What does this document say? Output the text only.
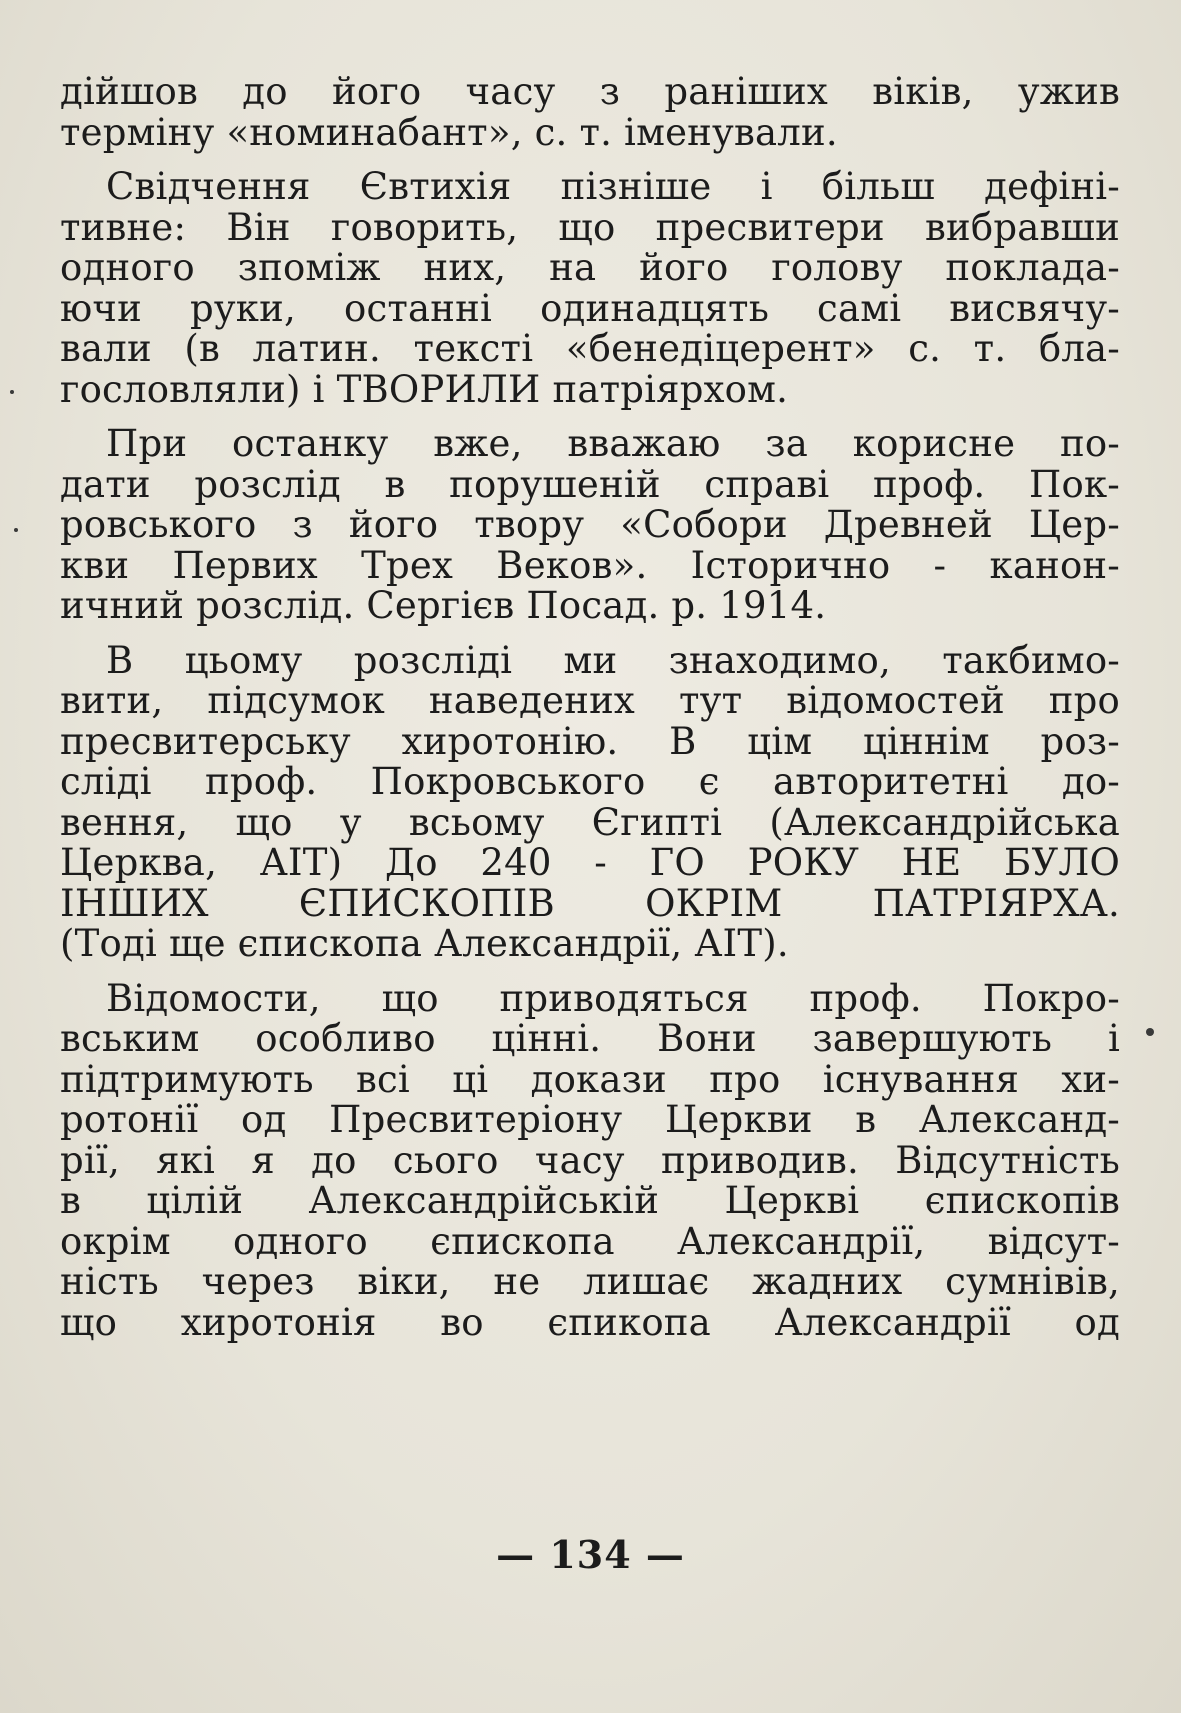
дійшов до його часу з раніших віків, ужив
терміну «номинабант», с. т. іменували.
Свідчення Євтихія пізніше і більш дефіні-
тивне: Він говорить, що пресвитери вибравши
одного зпоміж них, на його голову поклада-
ючи руки, останні одинадцять самі висвячу-
вали (в латин. тексті «бенедіцерент» с. т. бла-
гословляли) і ТВОРИЛИ патріярхом.
При останку вже, вважаю за корисне по-
дати розслід в порушеній справі проф. Пок-
ровського з його твору «Собори Древней Цер-
кви Первих Трех Веков». Історично - канон-
ичний розслід. Сергієв Посад. р. 1914.
В цьому розсліді ми знаходимо, такбимо-
вити, підсумок наведених тут відомостей про
пресвитерську хиротонію. В цім ціннім роз-
сліді проф. Покровського є авторитетні до-
вення, що у всьому Єгипті (Александрійська
Церква, АІТ) До 240 - ГО РОКУ НЕ БУЛО
ІНШИХ ЄПИСКОПІВ ОКРІМ ПАТРІЯРХА.
(Тоді ще єпископа Александрії, АІТ).
Відомости, що приводяться проф. Покро-
вським особливо цінні. Вони завершують і
підтримують всі ці докази про існування хи-
ротонії од Пресвитеріону Церкви в Александ-
рії, які я до сього часу приводив. Відсутність
в цілій Александрійській Церкві єпископів
окрім одного єпископа Александрії, відсут-
ність через віки, не лишає жадних сумнівів,
що хиротонія во єпикопа Александрії од
— 134 —
